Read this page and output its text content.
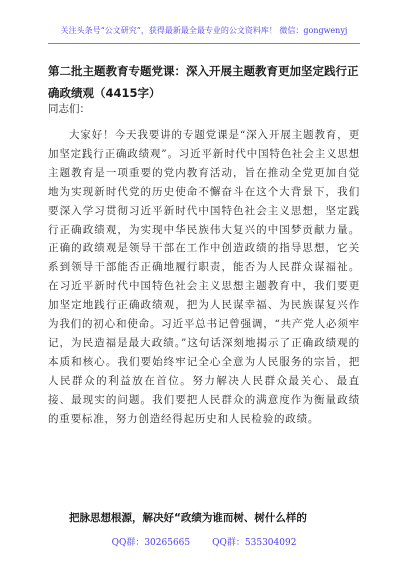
关注头条号“公文研究”，获得最新最全最专业的公文资料库！ 微信：gongwenyj
第二批主题教育专题党课：深入开展主题教育更加坚定践行正确政绩观（4415字）
同志们：
大家好！今天我要讲的专题党课是“深入开展主题教育，更加坚定践行正确政绩观”。习近平新时代中国特色社会主义思想主题教育是一项重要的党内教育活动，旨在推动全党更加自觉地为实现新时代党的历史使命不懈奋斗在这个大背景下，我们要深入学习贯彻习近平新时代中国特色社会主义思想，坚定践行正确政绩观，为实现中华民族伟大复兴的中国梦贡献力量。正确的政绩观是领导干部在工作中创造政绩的指导思想，它关系到领导干部能否正确地履行职责，能否为人民群众谋福祉。在习近平新时代中国特色社会主义思想主题教育中，我们要更加坚定地践行正确政绩观，把为人民谋幸福、为民族谋复兴作为我们的初心和使命。习近平总书记曾强调，“共产党人必须牢记，为民造福是最大政绩。”这句话深刻地揭示了正确政绩观的本质和核心。我们要始终牢记全心全意为人民服务的宗旨，把人民群众的利益放在首位。努力解决人民群众最关心、最直接、最现实的问题。我们要把人民群众的满意度作为衡量政绩的重要标准，努力创造经得起历史和人民检验的政绩。
把脉思想根源，解决好“政绩为谁而树、树什么样的
QQ群：30265665 QQ群：535304092
